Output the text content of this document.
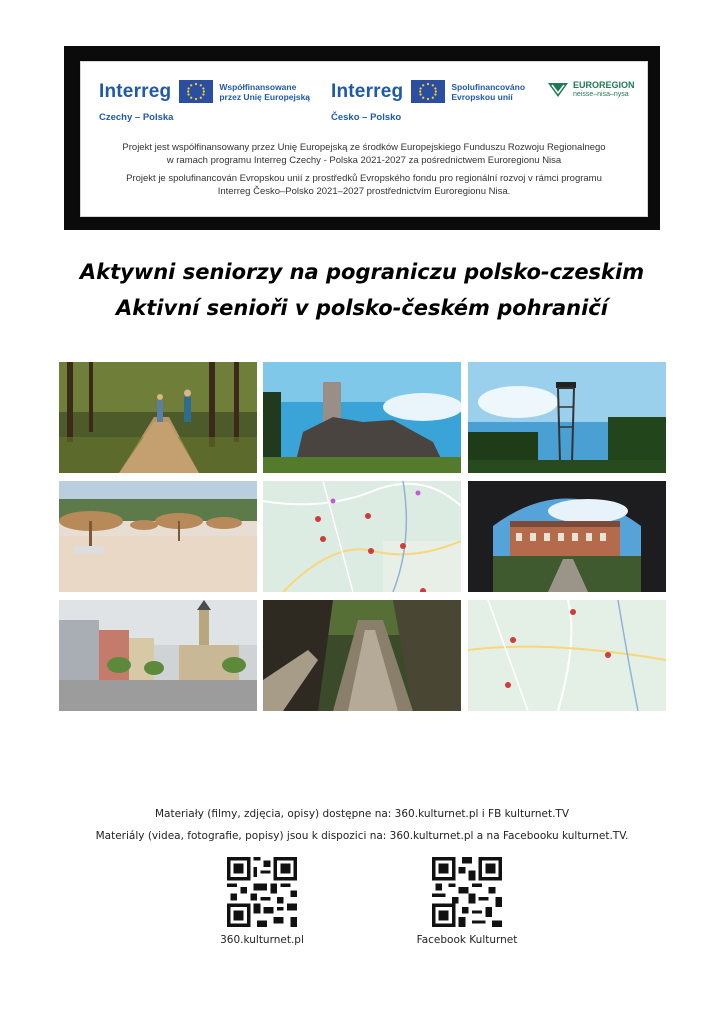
Interreg	Współfinansowane
przez Unię Europejską
Czechy – Polska
Interreg	Spolufinancováno
Evropskou unií
Česko – Polsko
EUROREGION
neisse–nisa–nysa
Projekt jest współfinansowany przez Unię Europejską ze środków Europejskiego Funduszu Rozwoju Regionalnego
w ramach programu Interreg Czechy - Polska 2021-2027 za pośrednictwem Euroregionu Nisa
Projekt je spolufinancován Evropskou unií z prostředků Evropského fondu pro regionální rozvoj v rámci programu
Interreg Česko–Polsko 2021–2027 prostřednictvím Euroregionu Nisa.
Aktywni seniorzy na pograniczu polsko-czeskim
Aktivní senioři v polsko-českém pohraničí
Materiały (filmy, zdjęcia, opisy) dostępne na: 360.kulturnet.pl i FB kulturnet.TV
Materiály (videa, fotografie, popisy) jsou k dispozici na: 360.kulturnet.pl a na Facebooku kulturnet.TV.
360.kulturnet.pl	Facebook Kulturnet
